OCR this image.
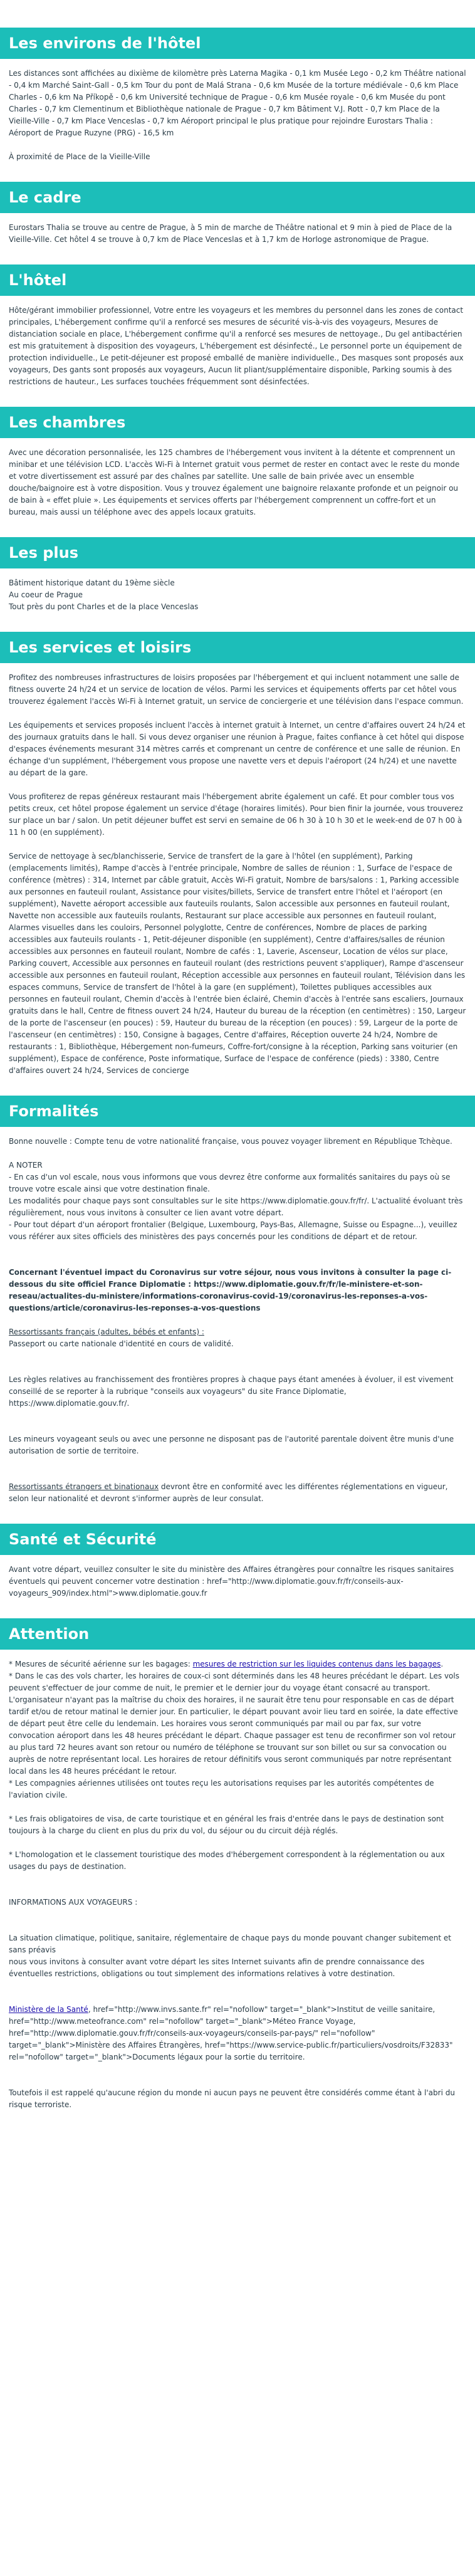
Les environs de l'hôtel

Les distances sont affichées au dixième de kilomètre près Laterna Magika - 0,1 km Musée Lego - 0,2 km Théâtre national - 0,4 km Marché Saint-Gall - 0,5 km Tour du pont de Malá Strana - 0,6 km Musée de la torture médiévale - 0,6 km Place Charles - 0,6 km Na Příkopě - 0,6 km Université technique de Prague - 0,6 km Musée royale - 0,6 km Musée du pont Charles - 0,7 km Clementinum et Bibliothèque nationale de Prague - 0,7 km Bâtiment V.J. Rott - 0,7 km Place de la Vieille-Ville - 0,7 km Place Venceslas - 0,7 km Aéroport principal le plus pratique pour rejoindre Eurostars Thalia : Aéroport de Prague Ruzyne (PRG) - 16,5 km

À proximité de Place de la Vieille-Ville

Le cadre

Eurostars Thalia se trouve au centre de Prague, à 5 min de marche de Théâtre national et 9 min à pied de Place de la Vieille-Ville. Cet hôtel 4 se trouve à 0,7 km de Place Venceslas et à 1,7 km de Horloge astronomique de Prague.

L'hôtel

Hôte/gérant immobilier professionnel, Votre entre les voyageurs et les membres du personnel dans les zones de contact principales, L'hébergement confirme qu'il a renforcé ses mesures de sécurité vis-à-vis des voyageurs, Mesures de distanciation sociale en place, L'hébergement confirme qu'il a renforcé ses mesures de nettoyage., Du gel antibactérien est mis gratuitement à disposition des voyageurs, L'hébergement est désinfecté., Le personnel porte un équipement de protection individuelle., Le petit-déjeuner est proposé emballé de manière individuelle., Des masques sont proposés aux voyageurs, Des gants sont proposés aux voyageurs, Aucun lit pliant/supplémentaire disponible, Parking soumis à des restrictions de hauteur., Les surfaces touchées fréquemment sont désinfectées.

Les chambres

Avec une décoration personnalisée, les 125 chambres de l'hébergement vous invitent à la détente et comprennent un minibar et une télévision LCD. L'accès Wi-Fi à Internet gratuit vous permet de rester en contact avec le reste du monde et votre divertissement est assuré par des chaînes par satellite. Une salle de bain privée avec un ensemble douche/baignoire est à votre disposition. Vous y trouvez également une baignoire relaxante profonde et un peignoir ou de bain à « effet pluie ». Les équipements et services offerts par l'hébergement comprennent un coffre-fort et un bureau, mais aussi un téléphone avec des appels locaux gratuits.

Les plus
Bâtiment historique datant du 19ème siècle
Au coeur de Prague
Tout près du pont Charles et de la place Venceslas
Les services et loisirs

Profitez des nombreuses infrastructures de loisirs proposées par l'hébergement et qui incluent notamment une salle de fitness ouverte 24 h/24 et un service de location de vélos. Parmi les services et équipements offerts par cet hôtel vous trouverez également l'accès Wi-Fi à Internet gratuit, un service de conciergerie et une télévision dans l'espace commun.

Les équipements et services proposés incluent l'accès à internet gratuit à Internet, un centre d'affaires ouvert 24 h/24 et des journaux gratuits dans le hall. Si vous devez organiser une réunion à Prague, faites confiance à cet hôtel qui dispose d'espaces événements mesurant 314 mètres carrés et comprenant un centre de conférence et une salle de réunion. En échange d'un supplément, l'hébergement vous propose une navette vers et depuis l'aéroport (24 h/24) et une navette au départ de la gare.

Vous profiterez de repas généreux restaurant mais l'hébergement abrite également un café. Et pour combler tous vos petits creux, cet hôtel propose également un service d'étage (horaires limités). Pour bien finir la journée, vous trouverez sur place un bar / salon. Un petit déjeuner buffet est servi en semaine de 06 h 30 à 10 h 30 et le week-end de 07 h 00 à 11 h 00 (en supplément).

Service de nettoyage à sec/blanchisserie, Service de transfert de la gare à l'hôtel (en supplément), Parking (emplacements limités), Rampe d'accès à l'entrée principale, Nombre de salles de réunion : 1, Surface de l'espace de conférence (mètres) : 314, Internet par câble gratuit, Accès Wi-Fi gratuit, Nombre de bars/salons : 1, Parking accessible aux personnes en fauteuil roulant, Assistance pour visites/billets, Service de transfert entre l'hôtel et l'aéroport (en supplément), Navette aéroport accessible aux fauteuils roulants, Salon accessible aux personnes en fauteuil roulant, Navette non accessible aux fauteuils roulants, Restaurant sur place accessible aux personnes en fauteuil roulant, Alarmes visuelles dans les couloirs, Personnel polyglotte, Centre de conférences, Nombre de places de parking accessibles aux fauteuils roulants - 1, Petit-déjeuner disponible (en supplément), Centre d'affaires/salles de réunion accessibles aux personnes en fauteuil roulant, Nombre de cafés : 1, Laverie, Ascenseur, Location de vélos sur place, Parking couvert, Accessible aux personnes en fauteuil roulant (des restrictions peuvent s'appliquer), Rampe d'ascenseur accessible aux personnes en fauteuil roulant, Réception accessible aux personnes en fauteuil roulant, Télévision dans les espaces communs, Service de transfert de l'hôtel à la gare (en supplément), Toilettes publiques accessibles aux personnes en fauteuil roulant, Chemin d'accès à l'entrée bien éclairé, Chemin d'accès à l'entrée sans escaliers, Journaux gratuits dans le hall, Centre de fitness ouvert 24 h/24, Hauteur du bureau de la réception (en centimètres) : 150, Largeur de la porte de l'ascenseur (en pouces) : 59, Hauteur du bureau de la réception (en pouces) : 59, Largeur de la porte de l'ascenseur (en centimètres) : 150, Consigne à bagages, Centre d'affaires, Réception ouverte 24 h/24, Nombre de restaurants : 1, Bibliothèque, Hébergement non-fumeurs, Coffre-fort/consigne à la réception, Parking sans voiturier (en supplément), Espace de conférence, Poste informatique, Surface de l'espace de conférence (pieds) : 3380, Centre d'affaires ouvert 24 h/24, Services de concierge

Formalités

Bonne nouvelle : Compte tenu de votre nationalité française, vous pouvez voyager librement en République Tchèque.

A NOTER
- En cas d'un vol escale, nous vous informons que vous devrez être conforme aux formalités sanitaires du pays où se trouve votre escale ainsi que votre destination finale.
Les modalités pour chaque pays sont consultables sur le site https://www.diplomatie.gouv.fr/fr/. L'actualité évoluant très régulièrement, nous vous invitons à consulter ce lien avant votre départ.

- Pour tout départ d'un aéroport frontalier (Belgique, Luxembourg, Pays-Bas, Allemagne, Suisse ou Espagne...), veuillez vous référer aux sites officiels des ministères des pays concernés pour les conditions de départ et de retour.

Concernant l'éventuel impact du Coronavirus sur votre séjour, nous vous invitons à consulter la page ci-dessous du site officiel France Diplomatie : https://www.diplomatie.gouv.fr/fr/le-ministere-et-son-reseau/actualites-du-ministere/informations-coronavirus-covid-19/coronavirus-les-reponses-a-vos-questions/article/coronavirus-les-reponses-a-vos-questions

Ressortissants français (adultes, bébés et enfants) :

Passeport ou carte nationale d'identité en cours de validité.

Les règles relatives au franchissement des frontières propres à chaque pays étant amenées à évoluer, il est vivement conseillé de se reporter à la rubrique "conseils aux voyageurs" du site France Diplomatie, https://www.diplomatie.gouv.fr/.

Les mineurs voyageant seuls ou avec une personne ne disposant pas de l'autorité parentale doivent être munis d'une autorisation de sortie de territoire.

Ressortissants étrangers et binationaux devront être en conformité avec les différentes réglementations en vigueur, selon leur nationalité et devront s'informer auprès de leur consulat.

Santé et Sécurité

Avant votre départ, veuillez consulter le site du ministère des Affaires étrangères pour connaître les risques sanitaires éventuels qui peuvent concerner votre destination : href="http://www.diplomatie.gouv.fr/fr/conseils-aux-voyageurs_909/index.html">www.diplomatie.gouv.fr

Attention
* Mesures de sécurité aérienne sur les bagages: mesures de restriction sur les liquides contenus dans les bagages.
* Dans le cas des vols charter, les horaires de coux-ci sont déterminés dans les 48 heures précédant le départ. Les vols peuvent s'effectuer de jour comme de nuit, le premier et le dernier jour du voyage étant consacré au transport. L'organisateur n'ayant pas la maîtrise du choix des horaires, il ne saurait être tenu pour responsable en cas de départ tardif et/ou de retour matinal le dernier jour. En particulier, le départ pouvant avoir lieu tard en soirée, la date effective de départ peut être celle du lendemain. Les horaires vous seront communiqués par mail ou par fax, sur votre convocation aéroport dans les 48 heures précédant le départ. Chaque passager est tenu de reconfirmer son vol retour au plus tard 72 heures avant son retour ou numéro de téléphone se trouvant sur son billet ou sur sa convocation ou auprès de notre représentant local. Les horaires de retour définitifs vous seront communiqués par notre représentant local dans les 48 heures précédant le retour.

* Les compagnies aériennes utilisées ont toutes reçu les autorisations requises par les autorités compétentes de l'aviation civile.

* Les frais obligatoires de visa, de carte touristique et en général les frais d'entrée dans le pays de destination sont toujours à la charge du client en plus du prix du vol, du séjour ou du circuit déjà réglés.

* L'homologation et le classement touristique des modes d'hébergement correspondent à la réglementation ou aux usages du pays de destination.

INFORMATIONS AUX VOYAGEURS :

La situation climatique, politique, sanitaire, réglementaire de chaque pays du monde pouvant changer subitement et sans préavis

nous vous invitons à consulter avant votre départ les sites Internet suivants afin de prendre connaissance des éventuelles restrictions, obligations ou tout simplement des informations relatives à votre destination.

Ministère de la Santé, href="http://www.invs.sante.fr" rel="nofollow" target="_blank">Institut de veille sanitaire, href="http://www.meteofrance.com" rel="nofollow" target="_blank">Méteo France Voyage, href="http://www.diplomatie.gouv.fr/fr/conseils-aux-voyageurs/conseils-par-pays/" rel="nofollow" target="_blank">Ministère des Affaires Étrangères, href="https://www.service-public.fr/particuliers/vosdroits/F32833" rel="nofollow" target="_blank">Documents légaux pour la sortie du territoire.

Toutefois il est rappelé qu'aucune région du monde ni aucun pays ne peuvent être considérés comme étant à l'abri du risque terroriste.
